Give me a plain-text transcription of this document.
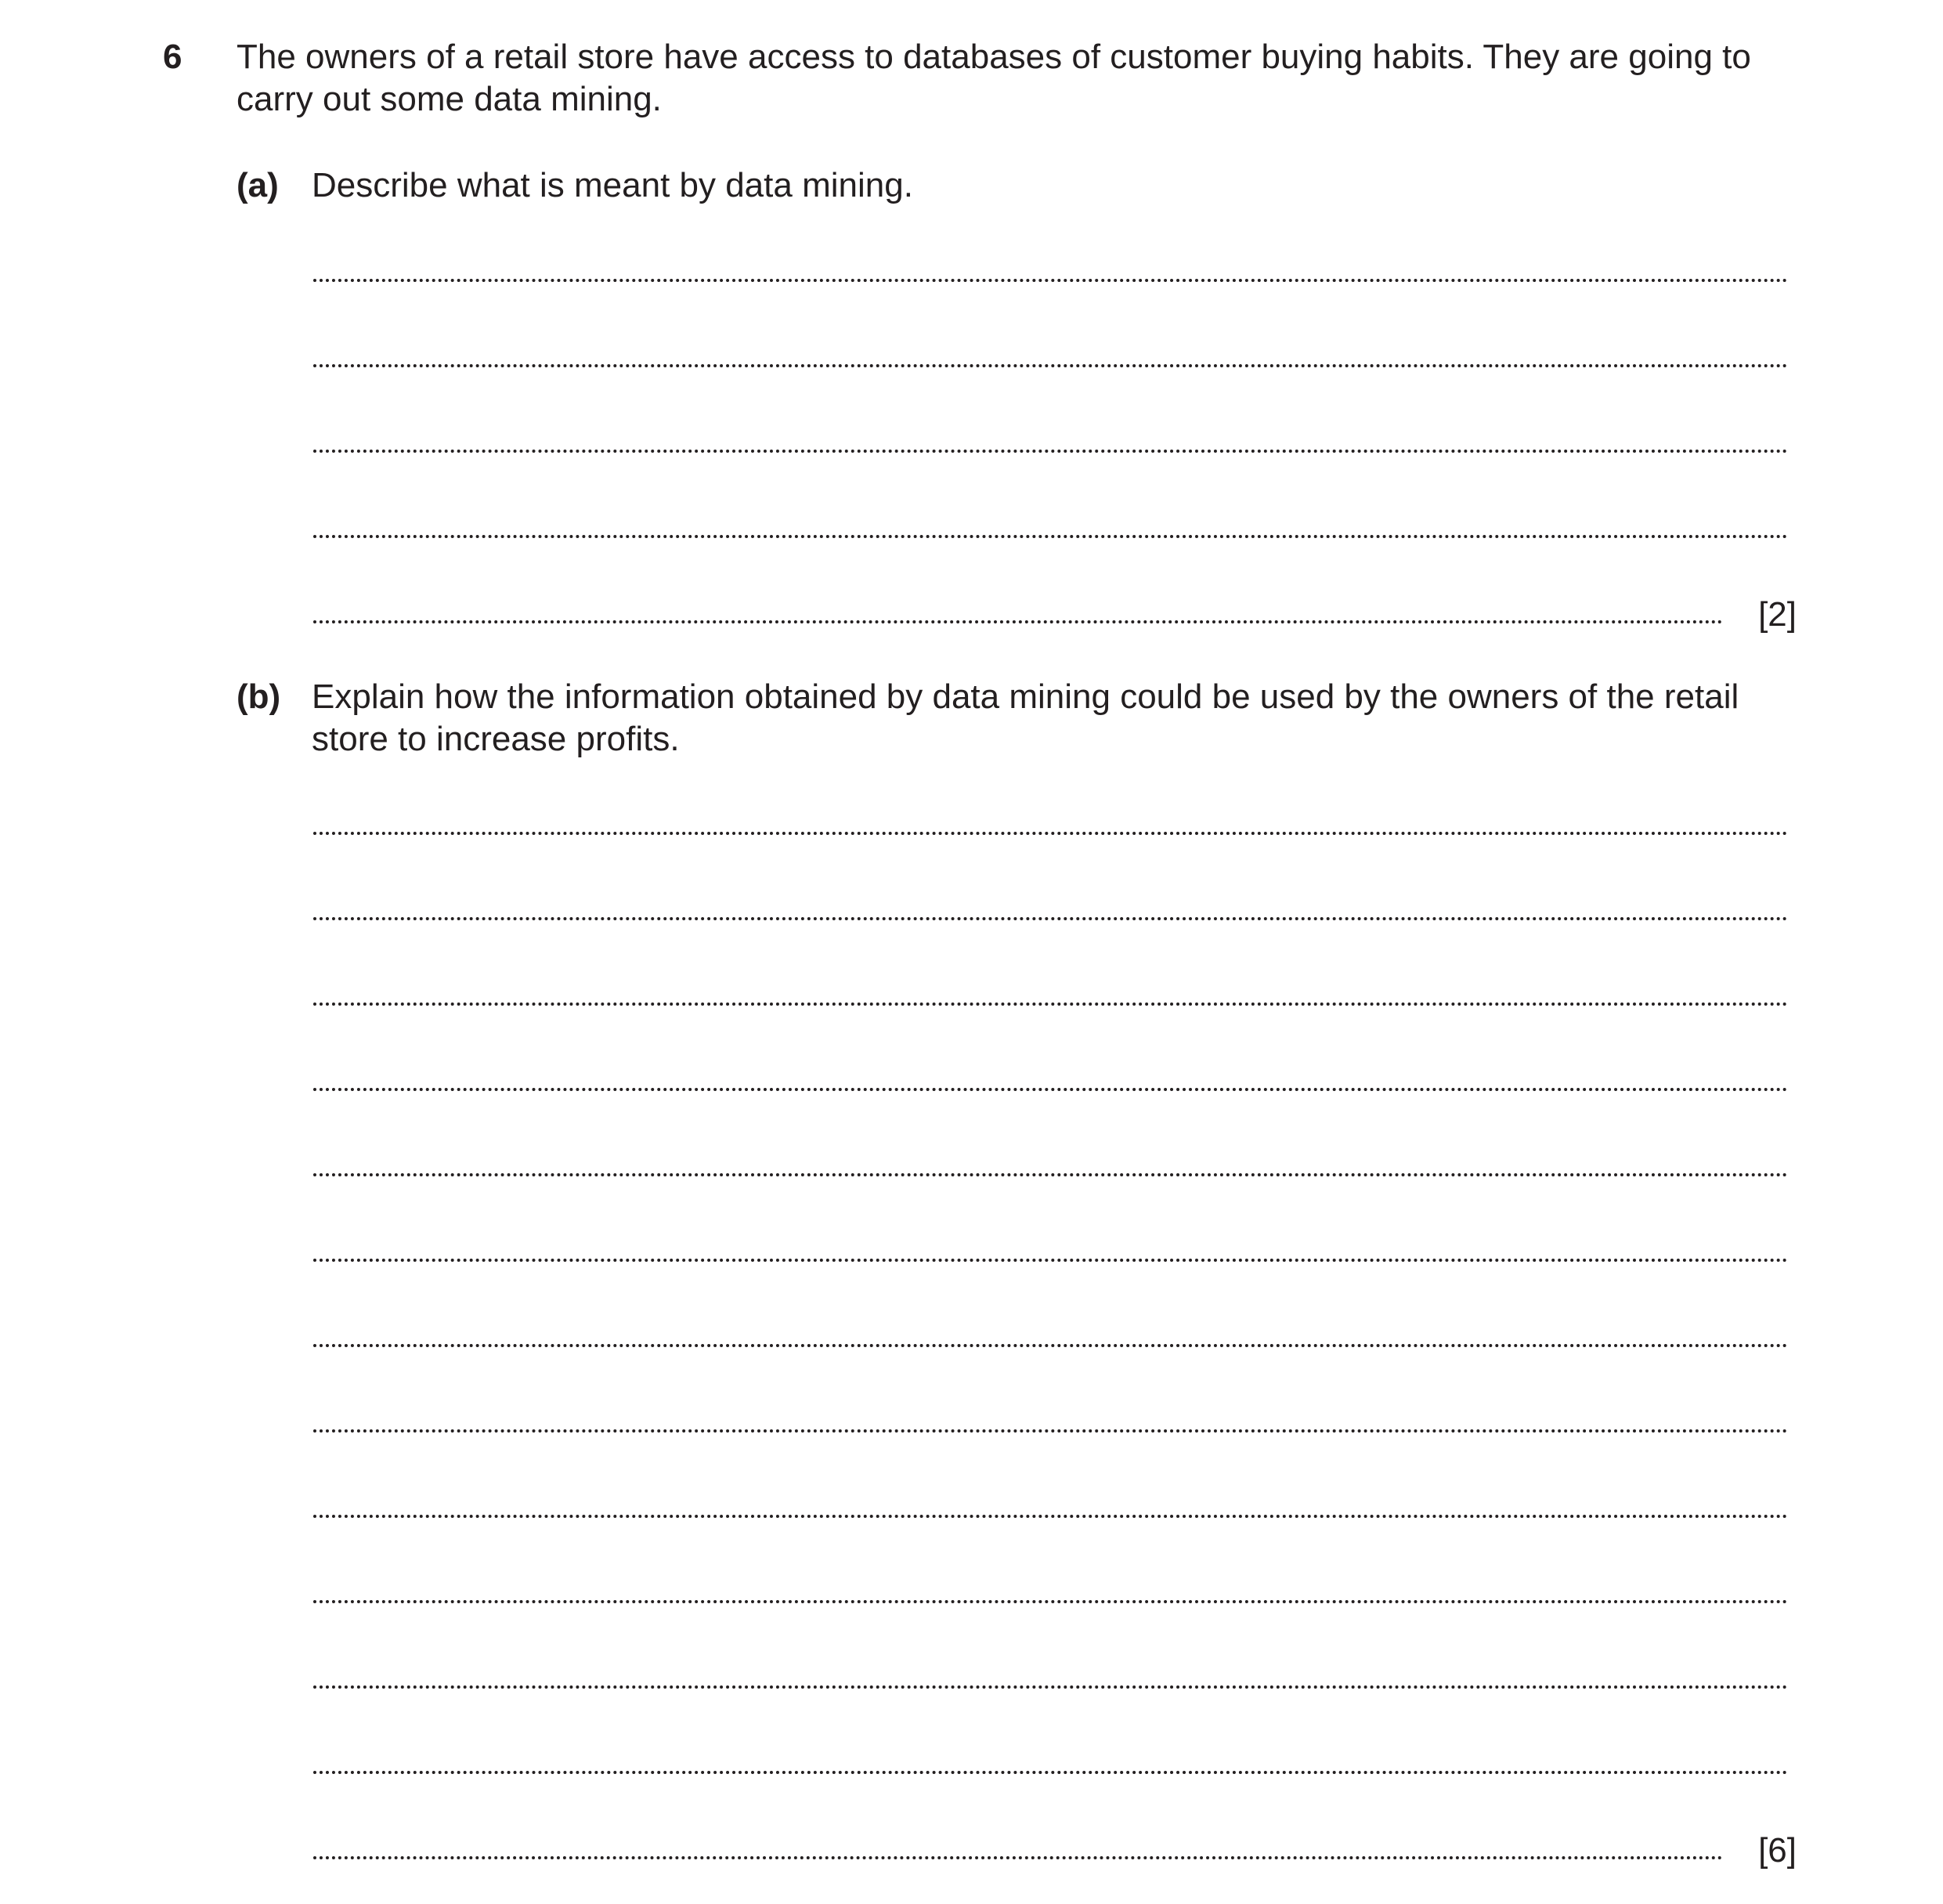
6 The owners of a retail store have access to databases of customer buying habits. They are going to carry out some data mining.
(a) Describe what is meant by data mining.
[2]
(b) Explain how the information obtained by data mining could be used by the owners of the retail store to increase profits.
[6]
